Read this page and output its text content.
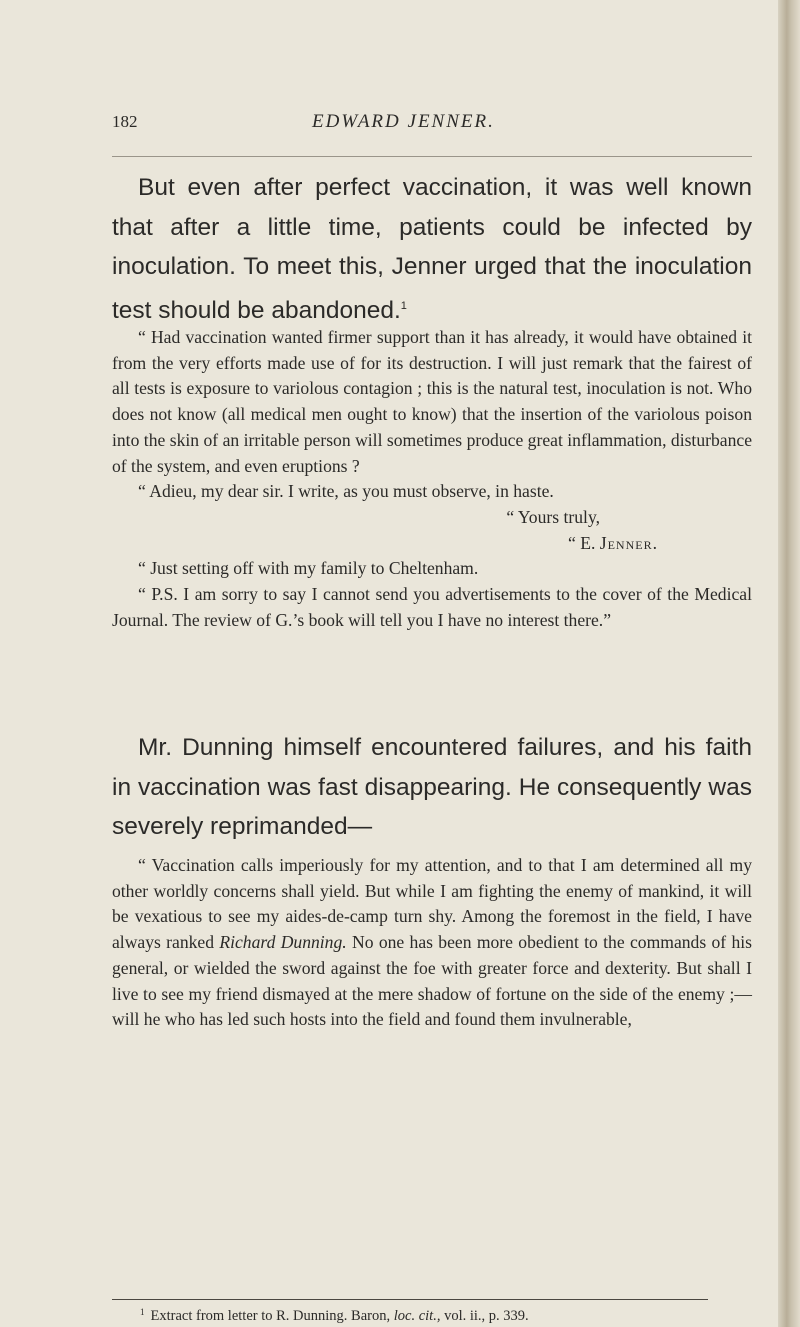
182	EDWARD JENNER.

But even after perfect vaccination, it was well known that after a little time, patients could be infected by inoculation. To meet this, Jenner urged that the inoculation test should be abandoned.$^1$

“ Had vaccination wanted firmer support than it has already, it would have obtained it from the very efforts made use of for its destruction. I will just remark that the fairest of all tests is exposure to variolous contagion ; this is the natural test, inoculation is not. Who does not know (all medical men ought to know) that the insertion of the variolous poison into the skin of an irritable person will sometimes produce great inflammation, disturbance of the system, and even eruptions ?

“ Adieu, my dear sir. I write, as you must observe, in haste.

“ Yours truly,

“ E. Jenner.

“ Just setting off with my family to Cheltenham.

“ P.S. I am sorry to say I cannot send you advertisements to the cover of the Medical Journal. The review of G.’s book will tell you I have no interest there.”

Mr. Dunning himself encountered failures, and his faith in vaccination was fast disappearing. He consequently was severely reprimanded—

“ Vaccination calls imperiously for my attention, and to that I am determined all my other worldly concerns shall yield. But while I am fighting the enemy of mankind, it will be vexatious to see my aides-de-camp turn shy. Among the foremost in the field, I have always ranked Richard Dunning. No one has been more obedient to the commands of his general, or wielded the sword against the foe with greater force and dexterity. But shall I live to see my friend dismayed at the mere shadow of fortune on the side of the enemy ;—will he who has led such hosts into the field and found them invulnerable,

$^1$ Extract from letter to R. Dunning. Baron, loc. cit., vol. ii., p. 339.
